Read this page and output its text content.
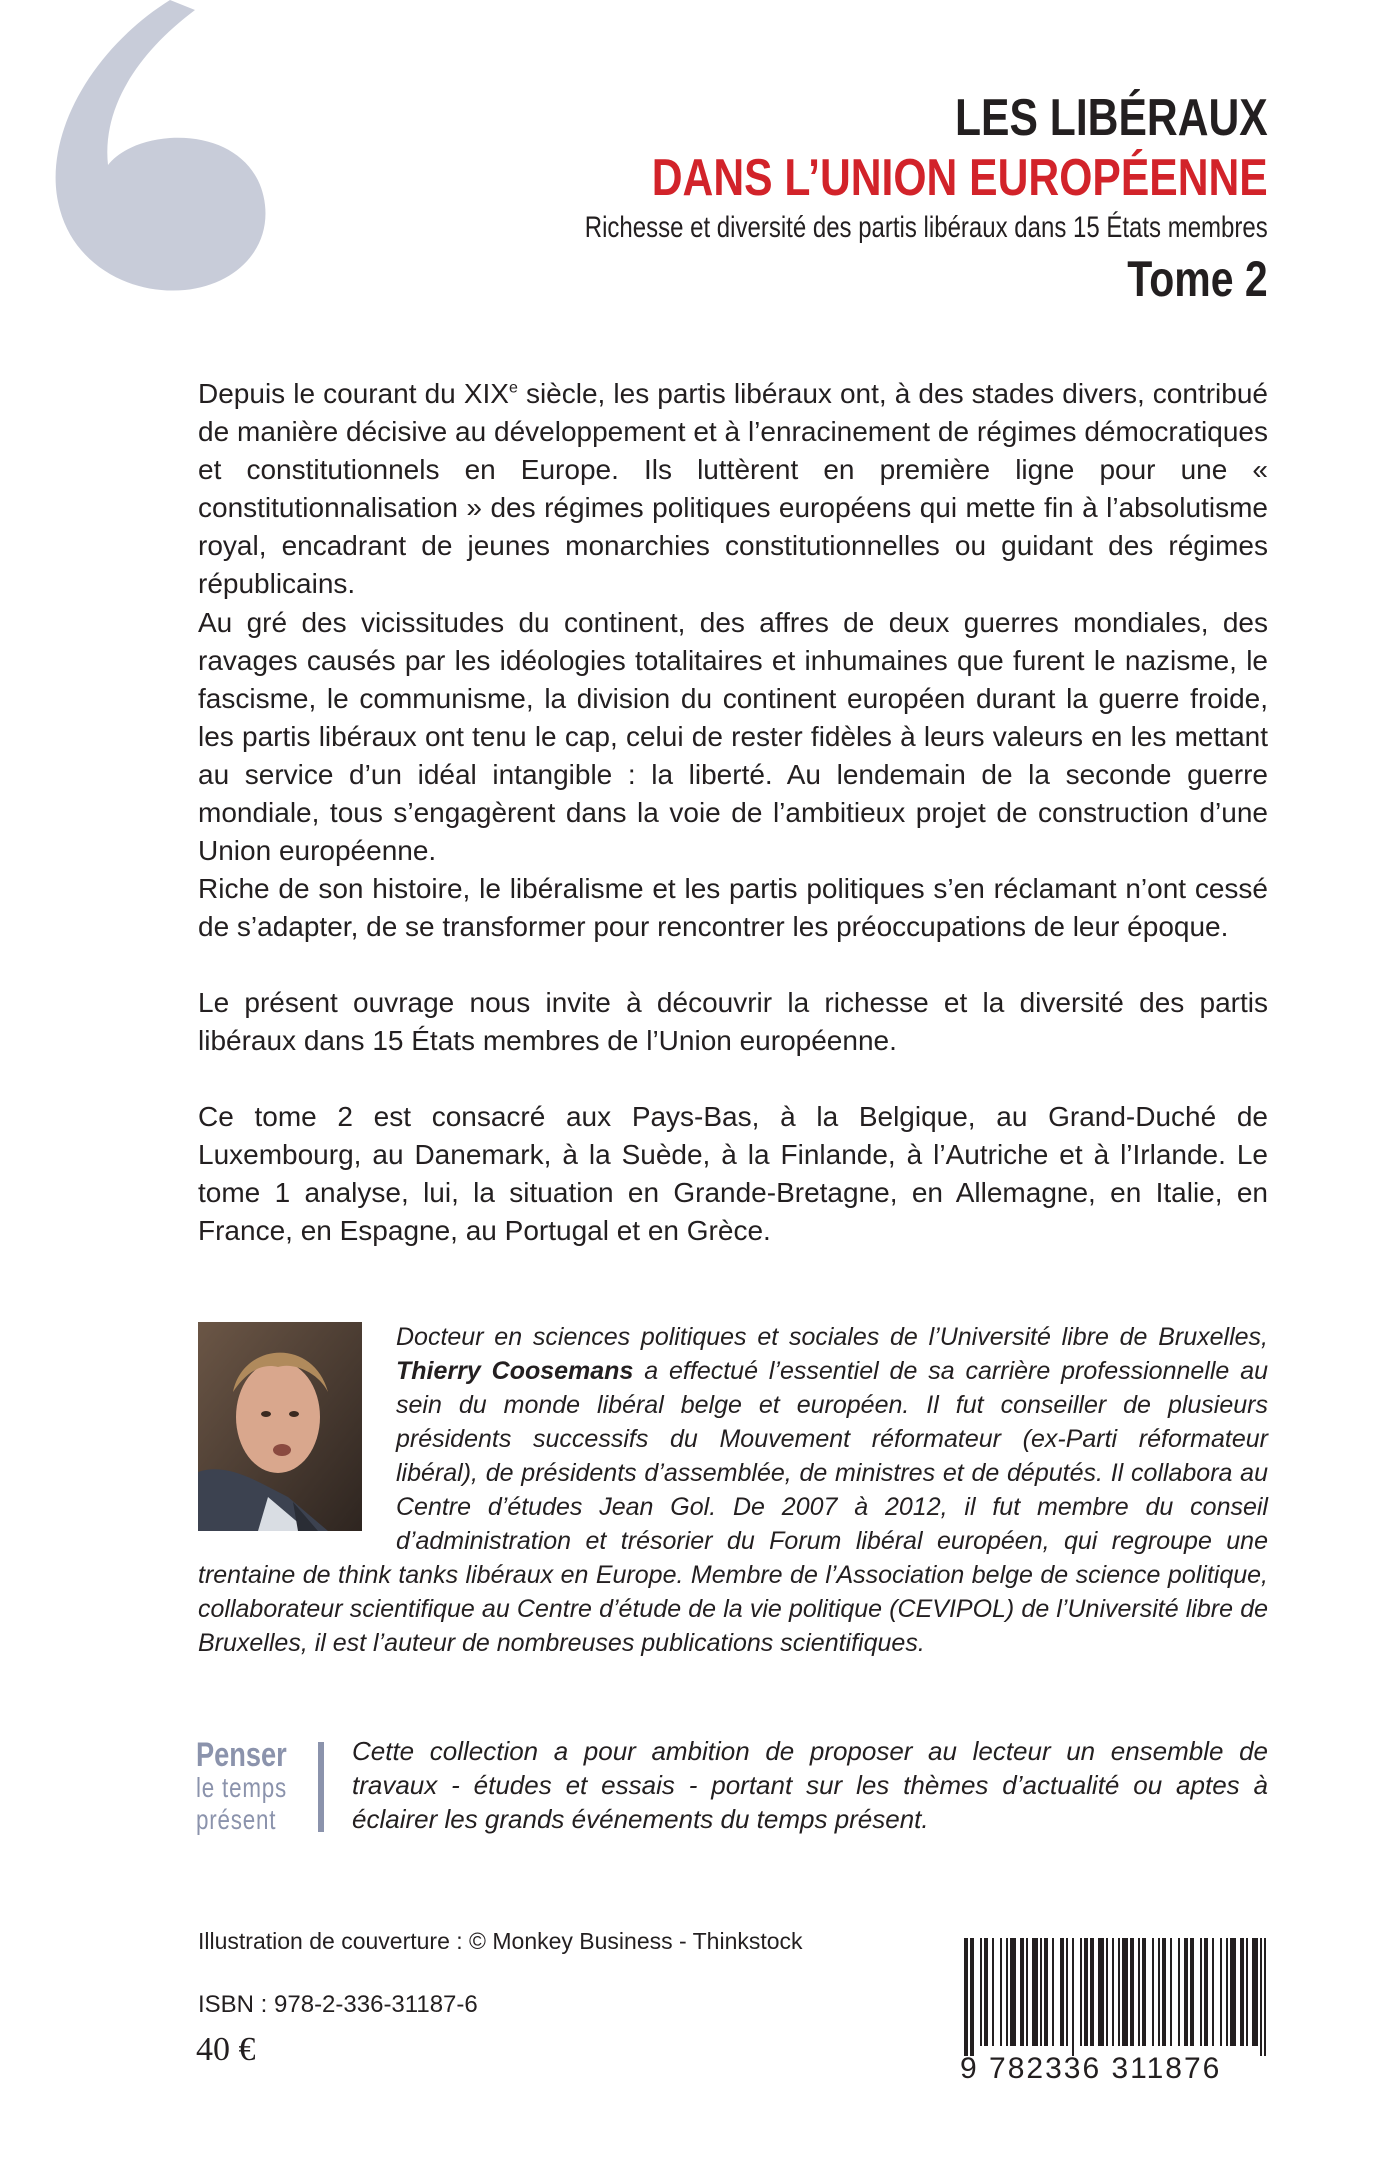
LES LIBÉRAUX
DANS L’UNION EUROPÉENNE
Richesse et diversité des partis libéraux dans 15 États membres
Tome 2

Depuis le courant du XIXe siècle, les partis libéraux ont, à des stades divers, contribué de manière décisive au développement et à l’enracinement de régimes démocratiques et constitutionnels en Europe. Ils luttèrent en première ligne pour une « constitutionnalisation » des régimes politiques européens qui mette fin à l’absolutisme royal, encadrant de jeunes monarchies constitutionnelles ou guidant des régimes républicains.

Au gré des vicissitudes du continent, des affres de deux guerres mondiales, des ravages causés par les idéologies totalitaires et inhumaines que furent le nazisme, le fascisme, le communisme, la division du continent européen durant la guerre froide, les partis libéraux ont tenu le cap, celui de rester fidèles à leurs valeurs en les mettant au service d’un idéal intangible : la liberté. Au lendemain de la seconde guerre mondiale, tous s’engagèrent dans la voie de l’ambitieux projet de construction d’une Union européenne.

Riche de son histoire, le libéralisme et les partis politiques s’en réclamant n’ont cessé de s’adapter, de se transformer pour rencontrer les préoccupations de leur époque.

Le présent ouvrage nous invite à découvrir la richesse et la diversité des partis libéraux dans 15 États membres de l’Union européenne.

Ce tome 2 est consacré aux Pays-Bas, à la Belgique, au Grand-Duché de Luxembourg, au Danemark, à la Suède, à la Finlande, à l’Autriche et à l’Irlande. Le tome 1 analyse, lui, la situation en Grande-Bretagne, en Allemagne, en Italie, en France, en Espagne, au Portugal et en Grèce.

Docteur en sciences politiques et sociales de l’Université libre de Bruxelles, Thierry Coosemans a effectué l’essentiel de sa carrière professionnelle au sein du monde libéral belge et européen. Il fut conseiller de plusieurs présidents successifs du Mouvement réformateur (ex-Parti réformateur libéral), de présidents d’assemblée, de ministres et de députés. Il collabora au Centre d’études Jean Gol. De 2007 à 2012, il fut membre du conseil d’administration et trésorier du Forum libéral européen, qui regroupe une trentaine de think tanks libéraux en Europe. Membre de l’Association belge de science politique, collaborateur scientifique au Centre d’étude de la vie politique (CEVIPOL) de l’Université libre de Bruxelles, il est l’auteur de nombreuses publications scientifiques.
Penser
le temps
présent

Cette collection a pour ambition de proposer au lecteur un ensemble de travaux - études et essais - portant sur les thèmes d’actualité ou aptes à éclairer les grands événements du temps présent.

Illustration de couverture : © Monkey Business - Thinkstock
ISBN : 978-2-336-31187-6
40 €
9 782336 311876
